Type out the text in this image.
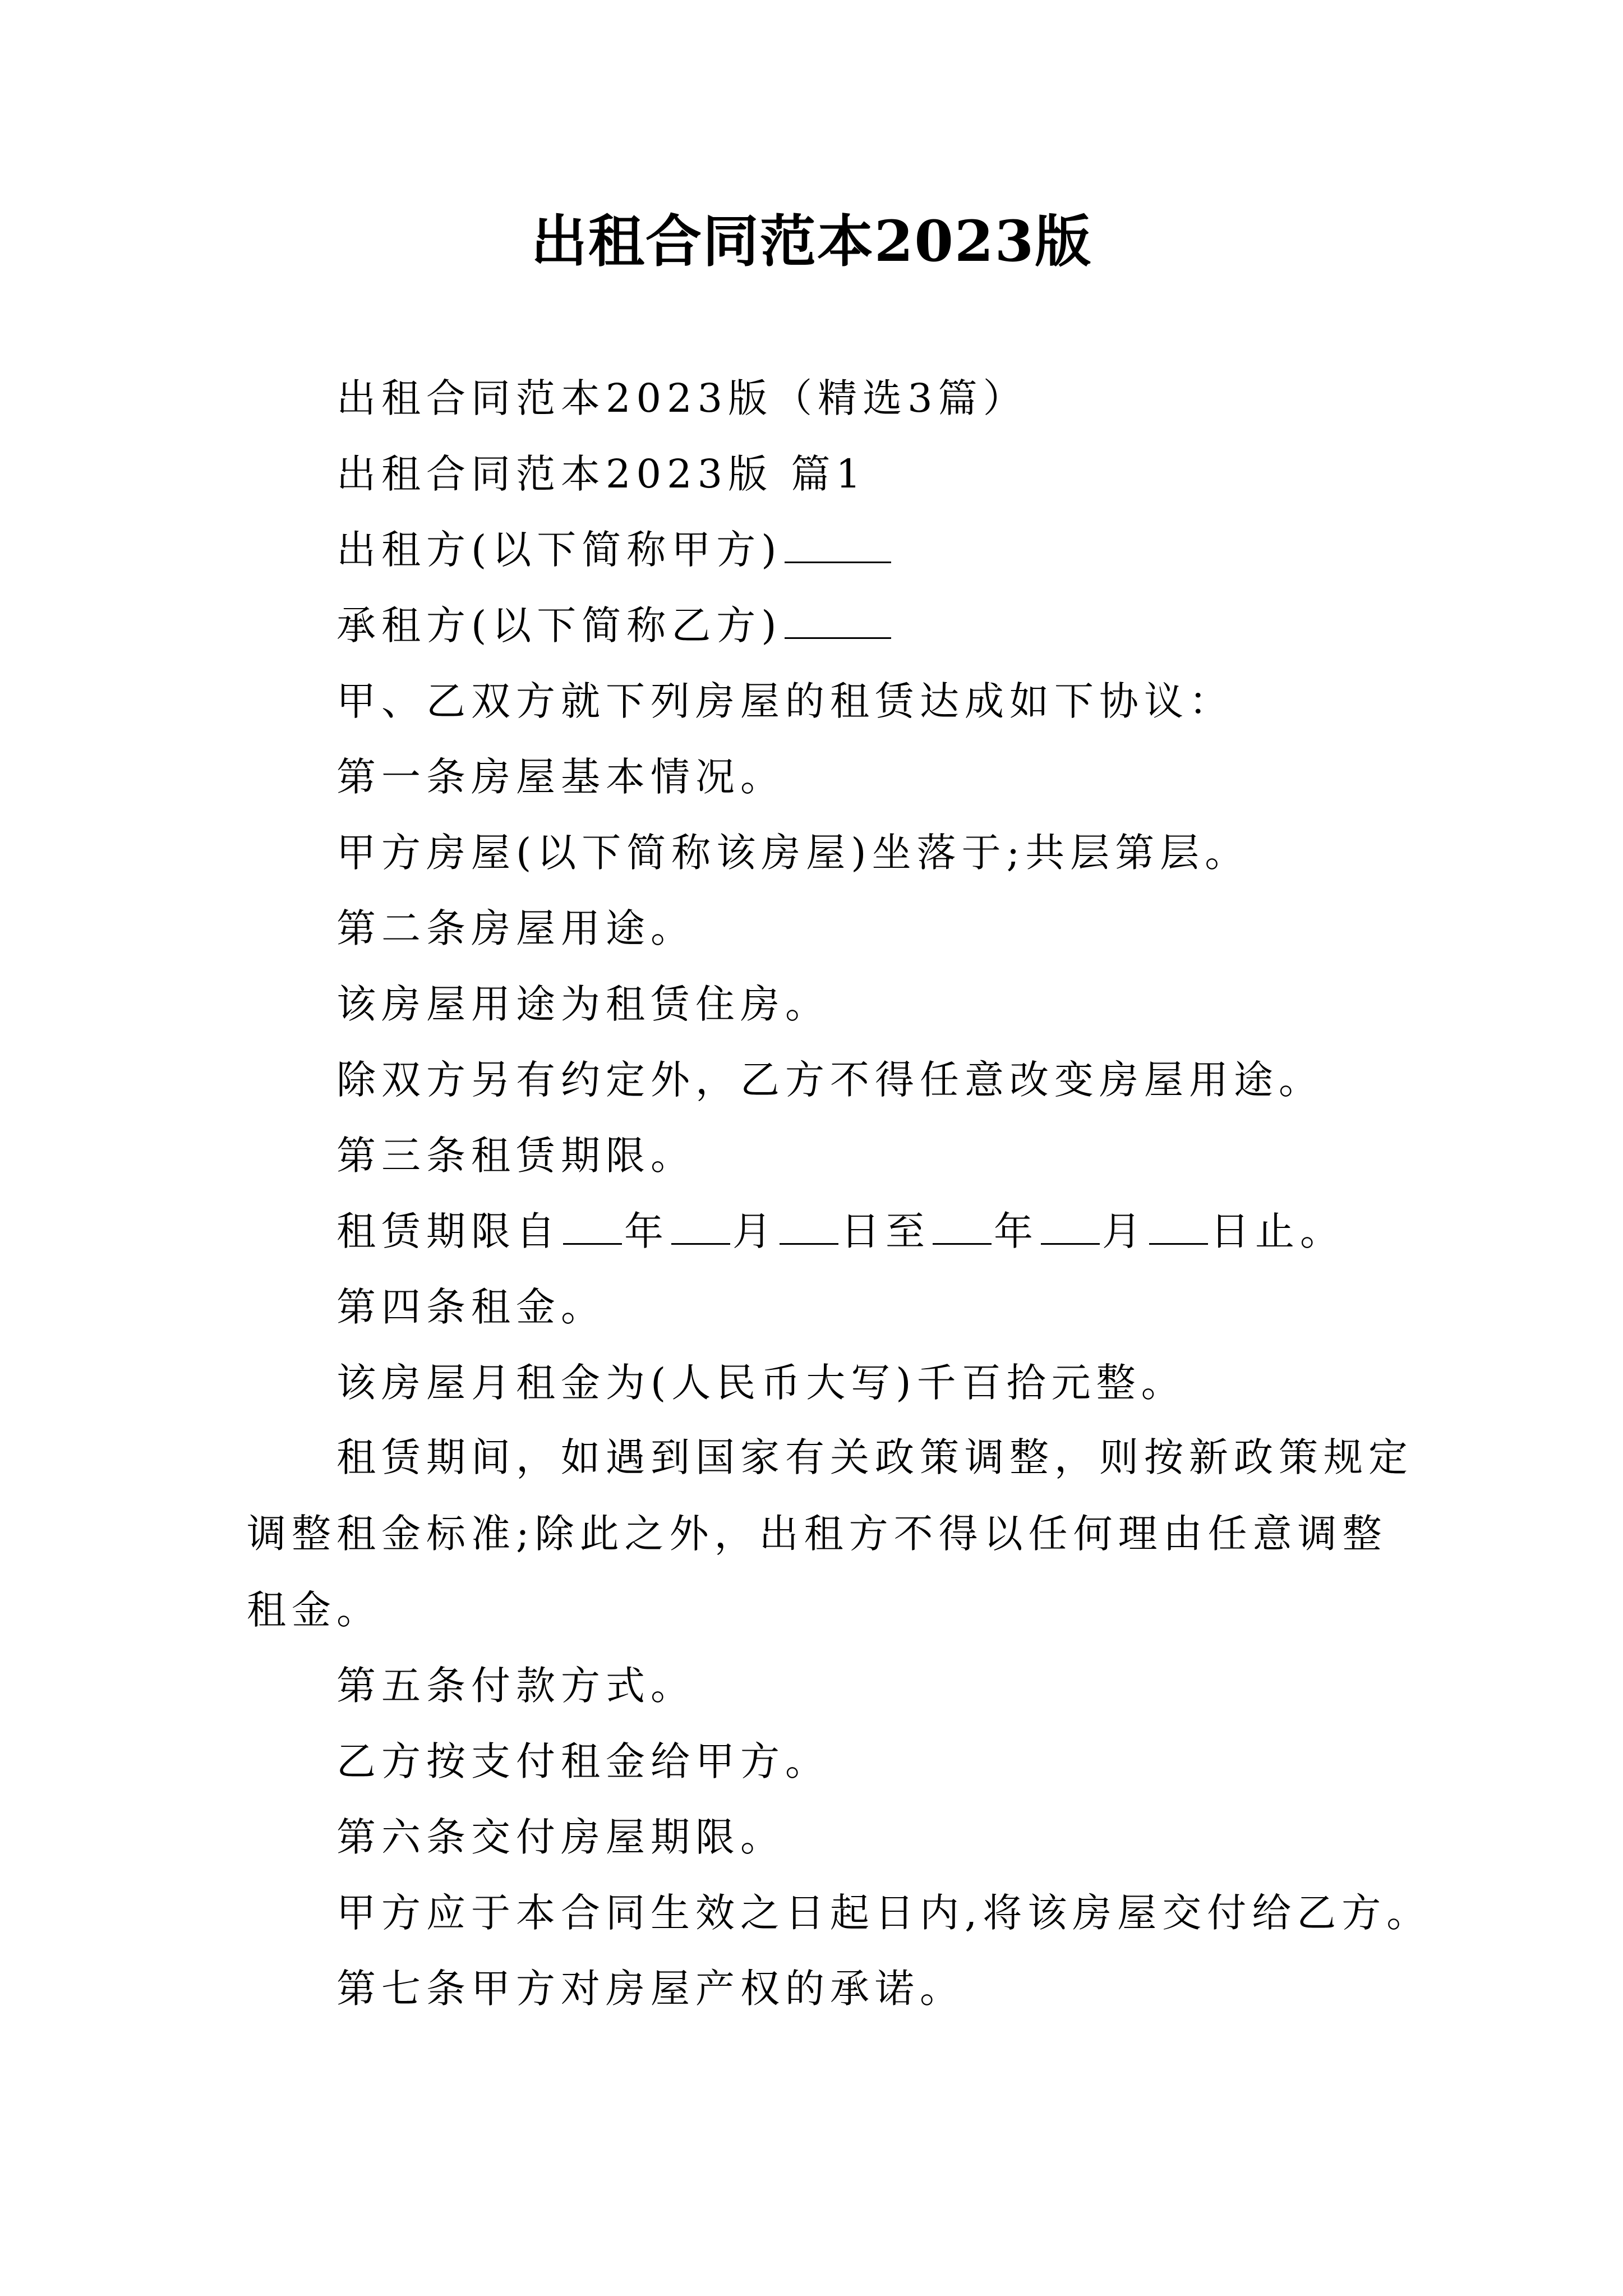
出租合同范本2023版
出租合同范本2023版（精选3篇）
出租合同范本2023版 篇1
出租方(以下简称甲方)
承租方(以下简称乙方)
甲、乙双方就下列房屋的租赁达成如下协议：
第一条房屋基本情况。
甲方房屋(以下简称该房屋)坐落于;共层第层。
第二条房屋用途。
该房屋用途为租赁住房。
除双方另有约定外，乙方不得任意改变房屋用途。
第三条租赁期限。
租赁期限自 年 月 日至 年 月 日止。
第四条租金。
该房屋月租金为(人民币大写)千百拾元整。
租赁期间，如遇到国家有关政策调整，则按新政策规定
调整租金标准;除此之外，出租方不得以任何理由任意调整
租金。
第五条付款方式。
乙方按支付租金给甲方。
第六条交付房屋期限。
甲方应于本合同生效之日起日内,将该房屋交付给乙方。
第七条甲方对房屋产权的承诺。
